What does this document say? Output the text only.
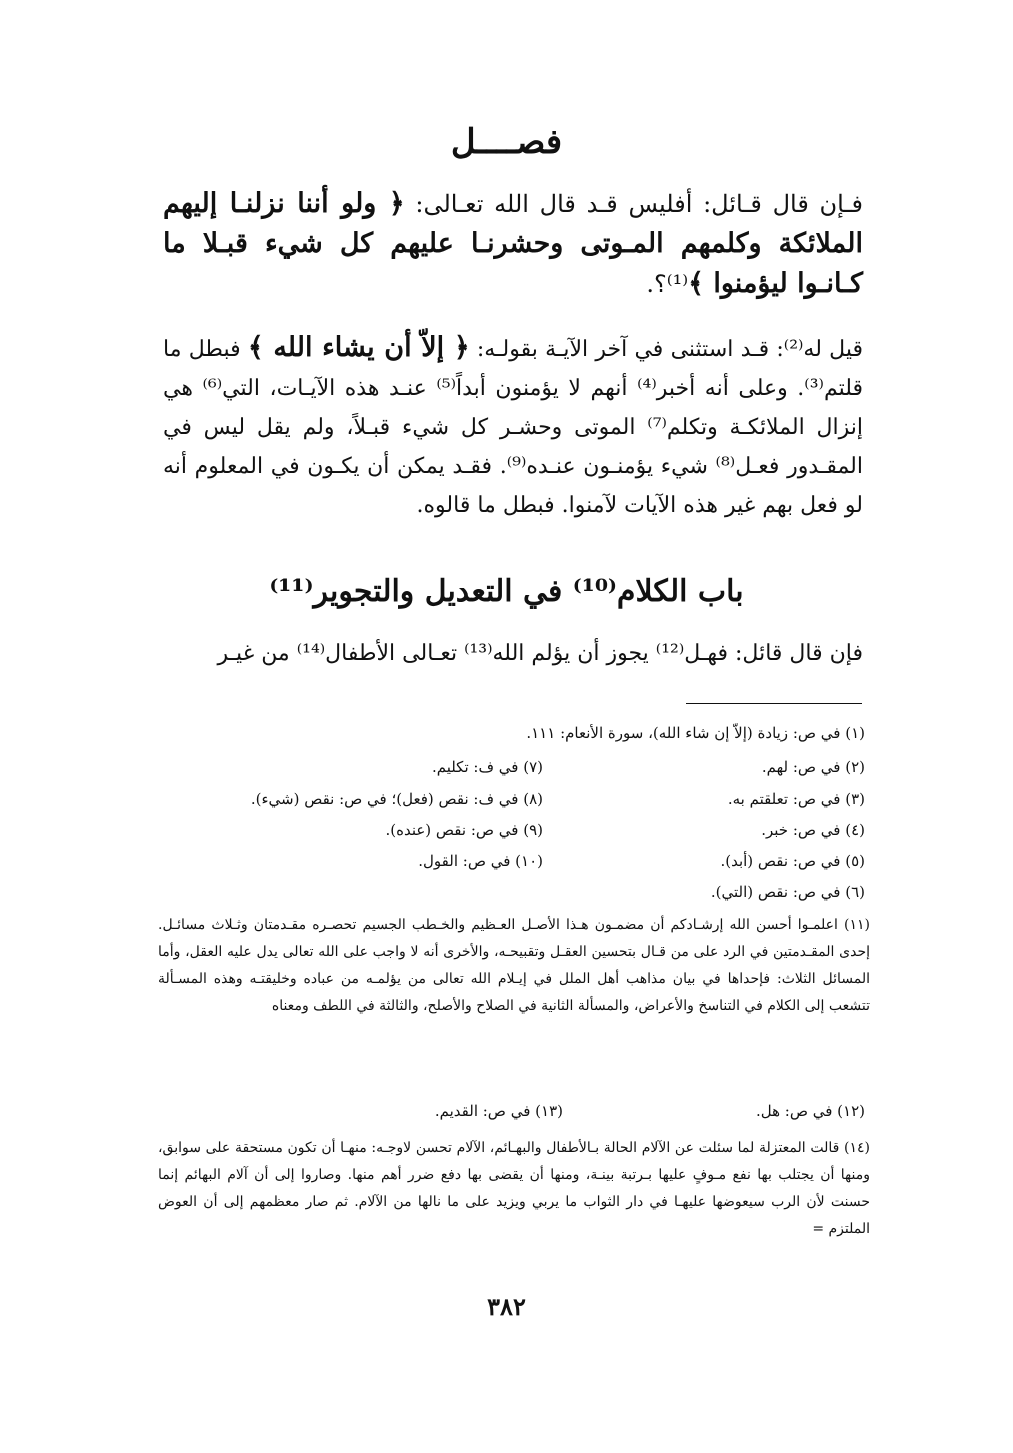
فصــــل
فـإن قال قـائل: أفليس قـد قال الله تعـالى: ﴿ ولو أننا نزلنـا إليهم الملائكة وكلمهم المـوتى وحشرنـا عليهم كل شيء قبـلا ما كـانـوا ليؤمنوا ﴾⁽¹⁾؟.
قيل له⁽²⁾: قـد استثنى في آخر الآيـة بقولـه: ﴿ إلاّ أن يشاء الله ﴾ فبطل ما قلتم⁽³⁾. وعلى أنه أخبر⁽⁴⁾ أنهم لا يؤمنون أبداً⁽⁵⁾ عنـد هذه الآيـات، التي⁽⁶⁾ هي إنزال الملائكـة وتكلم⁽⁷⁾ الموتى وحشـر كل شيء قبـلاً، ولم يقل ليس في المقـدور فعـل⁽⁸⁾ شيء يؤمنـون عنـده⁽⁹⁾. فقـد يمكن أن يكـون في المعلوم أنه لو فعل بهم غير هذه الآيات لآمنوا. فبطل ما قالوه.
باب الكلام⁽¹⁰⁾ في التعديل والتجوير⁽¹¹⁾
فإن قال قائل: فهـل⁽¹²⁾ يجوز أن يؤلم الله⁽¹³⁾ تعـالى الأطفال⁽¹⁴⁾ من غيـر
(١) في ص: زيادة (إلاّ إن شاء الله)، سورة الأنعام: ١١١.
(٢) في ص: لهم.
(٧) في ف: تكليم.
(٣) في ص: تعلقتم به.
(٨) في ف: نقص (فعل)؛ في ص: نقص (شيء).
(٤) في ص: خبر.
(٩) في ص: نقص (عنده).
(٥) في ص: نقص (أبد).
(١٠) في ص: القول.
(٦) في ص: نقص (التي).
(١١) اعلمـوا أحسن الله إرشـادكم أن مضمـون هـذا الأصـل العـظيم والخـطب الجسيم تحصـره مقـدمتان وثـلاث مسائـل. إحدى المقـدمتين في الرد على من قـال بتحسين العقـل وتقبيحـه، والأخرى أنه لا واجب على الله تعالى يدل عليه العقل، وأما المسائل الثلاث: فإحداها في بيان مذاهب أهل الملل في إيـلام الله تعالى من يؤلمـه من عباده وخليقتـه وهذه المسـألة تتشعب إلى الكلام في التناسخ والأعراض، والمسألة الثانية في الصلاح والأصلح، والثالثة في اللطف ومعناه
(١٢) في ص: هل.
(١٣) في ص: القديم.
(١٤) قالت المعتزلة لما سئلت عن الآلام الحالة بـالأطفال والبهـائم، الآلام تحسن لاوجـه: منهـا أن تكون مستحقة على سوابق، ومنها أن يجتلب بها نفع مـوفٍ عليها بـرتبة بينـة، ومنها أن يقضى بها دفع ضرر أهم منها. وصاروا إلى أن آلام البهائم إنما حسنت لأن الرب سيعوضها عليهـا في دار الثواب ما يربي ويزيد على ما نالها من الآلام. ثم صار معظمهم إلى أن العوض الملتزم =
٣٨٢
